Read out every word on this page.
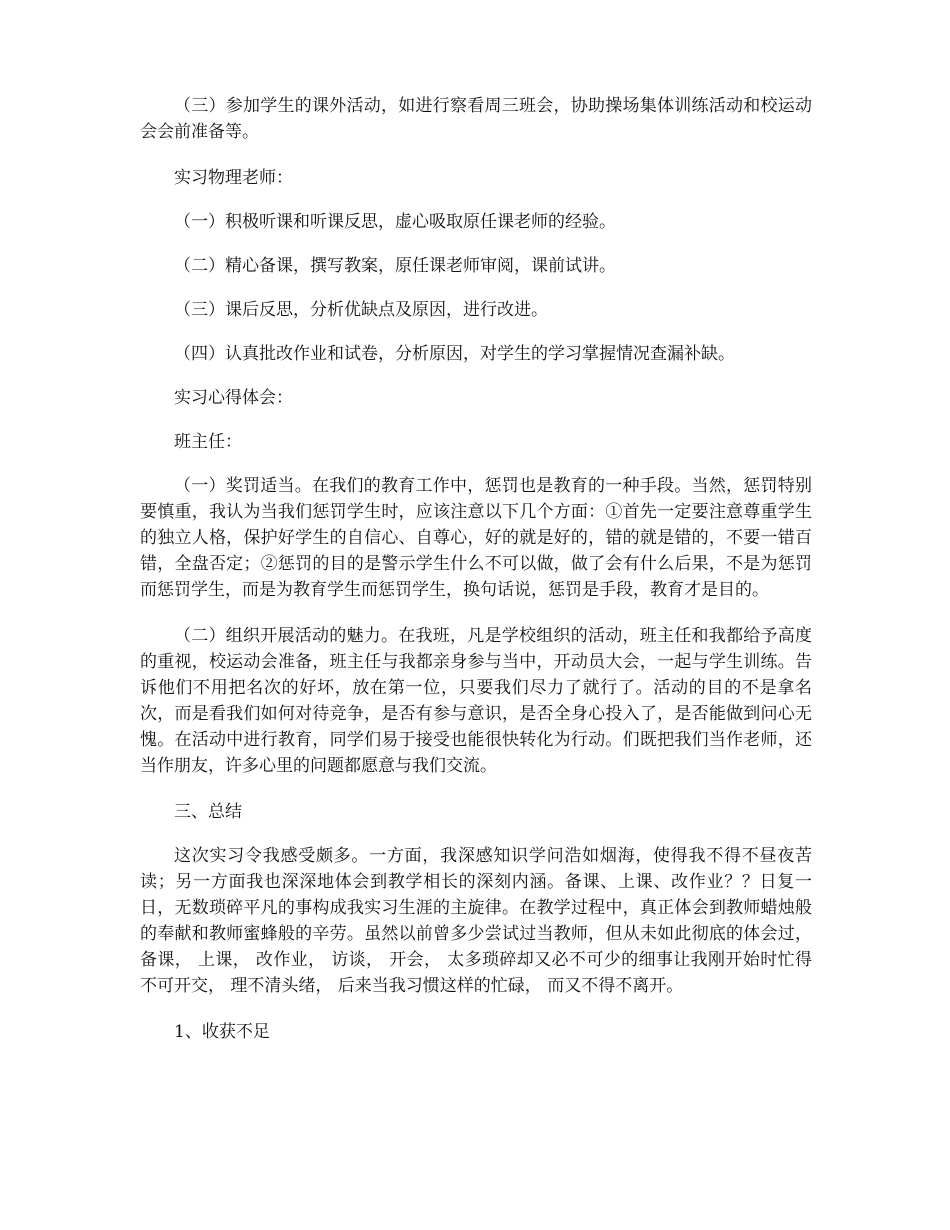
（三）参加学生的课外活动，如进行察看周三班会，协助操场集体训练活动和校运动会会前准备等。

实习物理老师：

（一）积极听课和听课反思，虚心吸取原任课老师的经验。

（二）精心备课，撰写教案，原任课老师审阅，课前试讲。

（三）课后反思，分析优缺点及原因，进行改进。

（四）认真批改作业和试卷，分析原因，对学生的学习掌握情况查漏补缺。

实习心得体会：

班主任：

（一）奖罚适当。在我们的教育工作中，惩罚也是教育的一种手段。当然，惩罚特别要慎重，我认为当我们惩罚学生时，应该注意以下几个方面：①首先一定要注意尊重学生的独立人格，保护好学生的自信心、自尊心，好的就是好的，错的就是错的，不要一错百错，全盘否定；②惩罚的目的是警示学生什么不可以做，做了会有什么后果，不是为惩罚而惩罚学生，而是为教育学生而惩罚学生，换句话说，惩罚是手段，教育才是目的。

（二）组织开展活动的魅力。在我班，凡是学校组织的活动，班主任和我都给予高度的重视，校运动会准备，班主任与我都亲身参与当中，开动员大会，一起与学生训练。告诉他们不用把名次的好坏，放在第一位，只要我们尽力了就行了。活动的目的不是拿名次，而是看我们如何对待竞争，是否有参与意识，是否全身心投入了，是否能做到问心无愧。在活动中进行教育，同学们易于接受也能很快转化为行动。们既把我们当作老师，还当作朋友，许多心里的问题都愿意与我们交流。

三、总结

这次实习令我感受颇多。一方面，我深感知识学问浩如烟海，使得我不得不昼夜苦读；另一方面我也深深地体会到教学相长的深刻内涵。备课、上课、改作业？？日复一日，无数琐碎平凡的事构成我实习生涯的主旋律。在教学过程中，真正体会到教师蜡烛般的奉献和教师蜜蜂般的辛劳。虽然以前曾多少尝试过当教师，但从未如此彻底的体会过，备课， 上课， 改作业， 访谈， 开会， 太多琐碎却又必不可少的细事让我刚开始时忙得不可开交， 理不清头绪， 后来当我习惯这样的忙碌， 而又不得不离开。

1、收获不足
